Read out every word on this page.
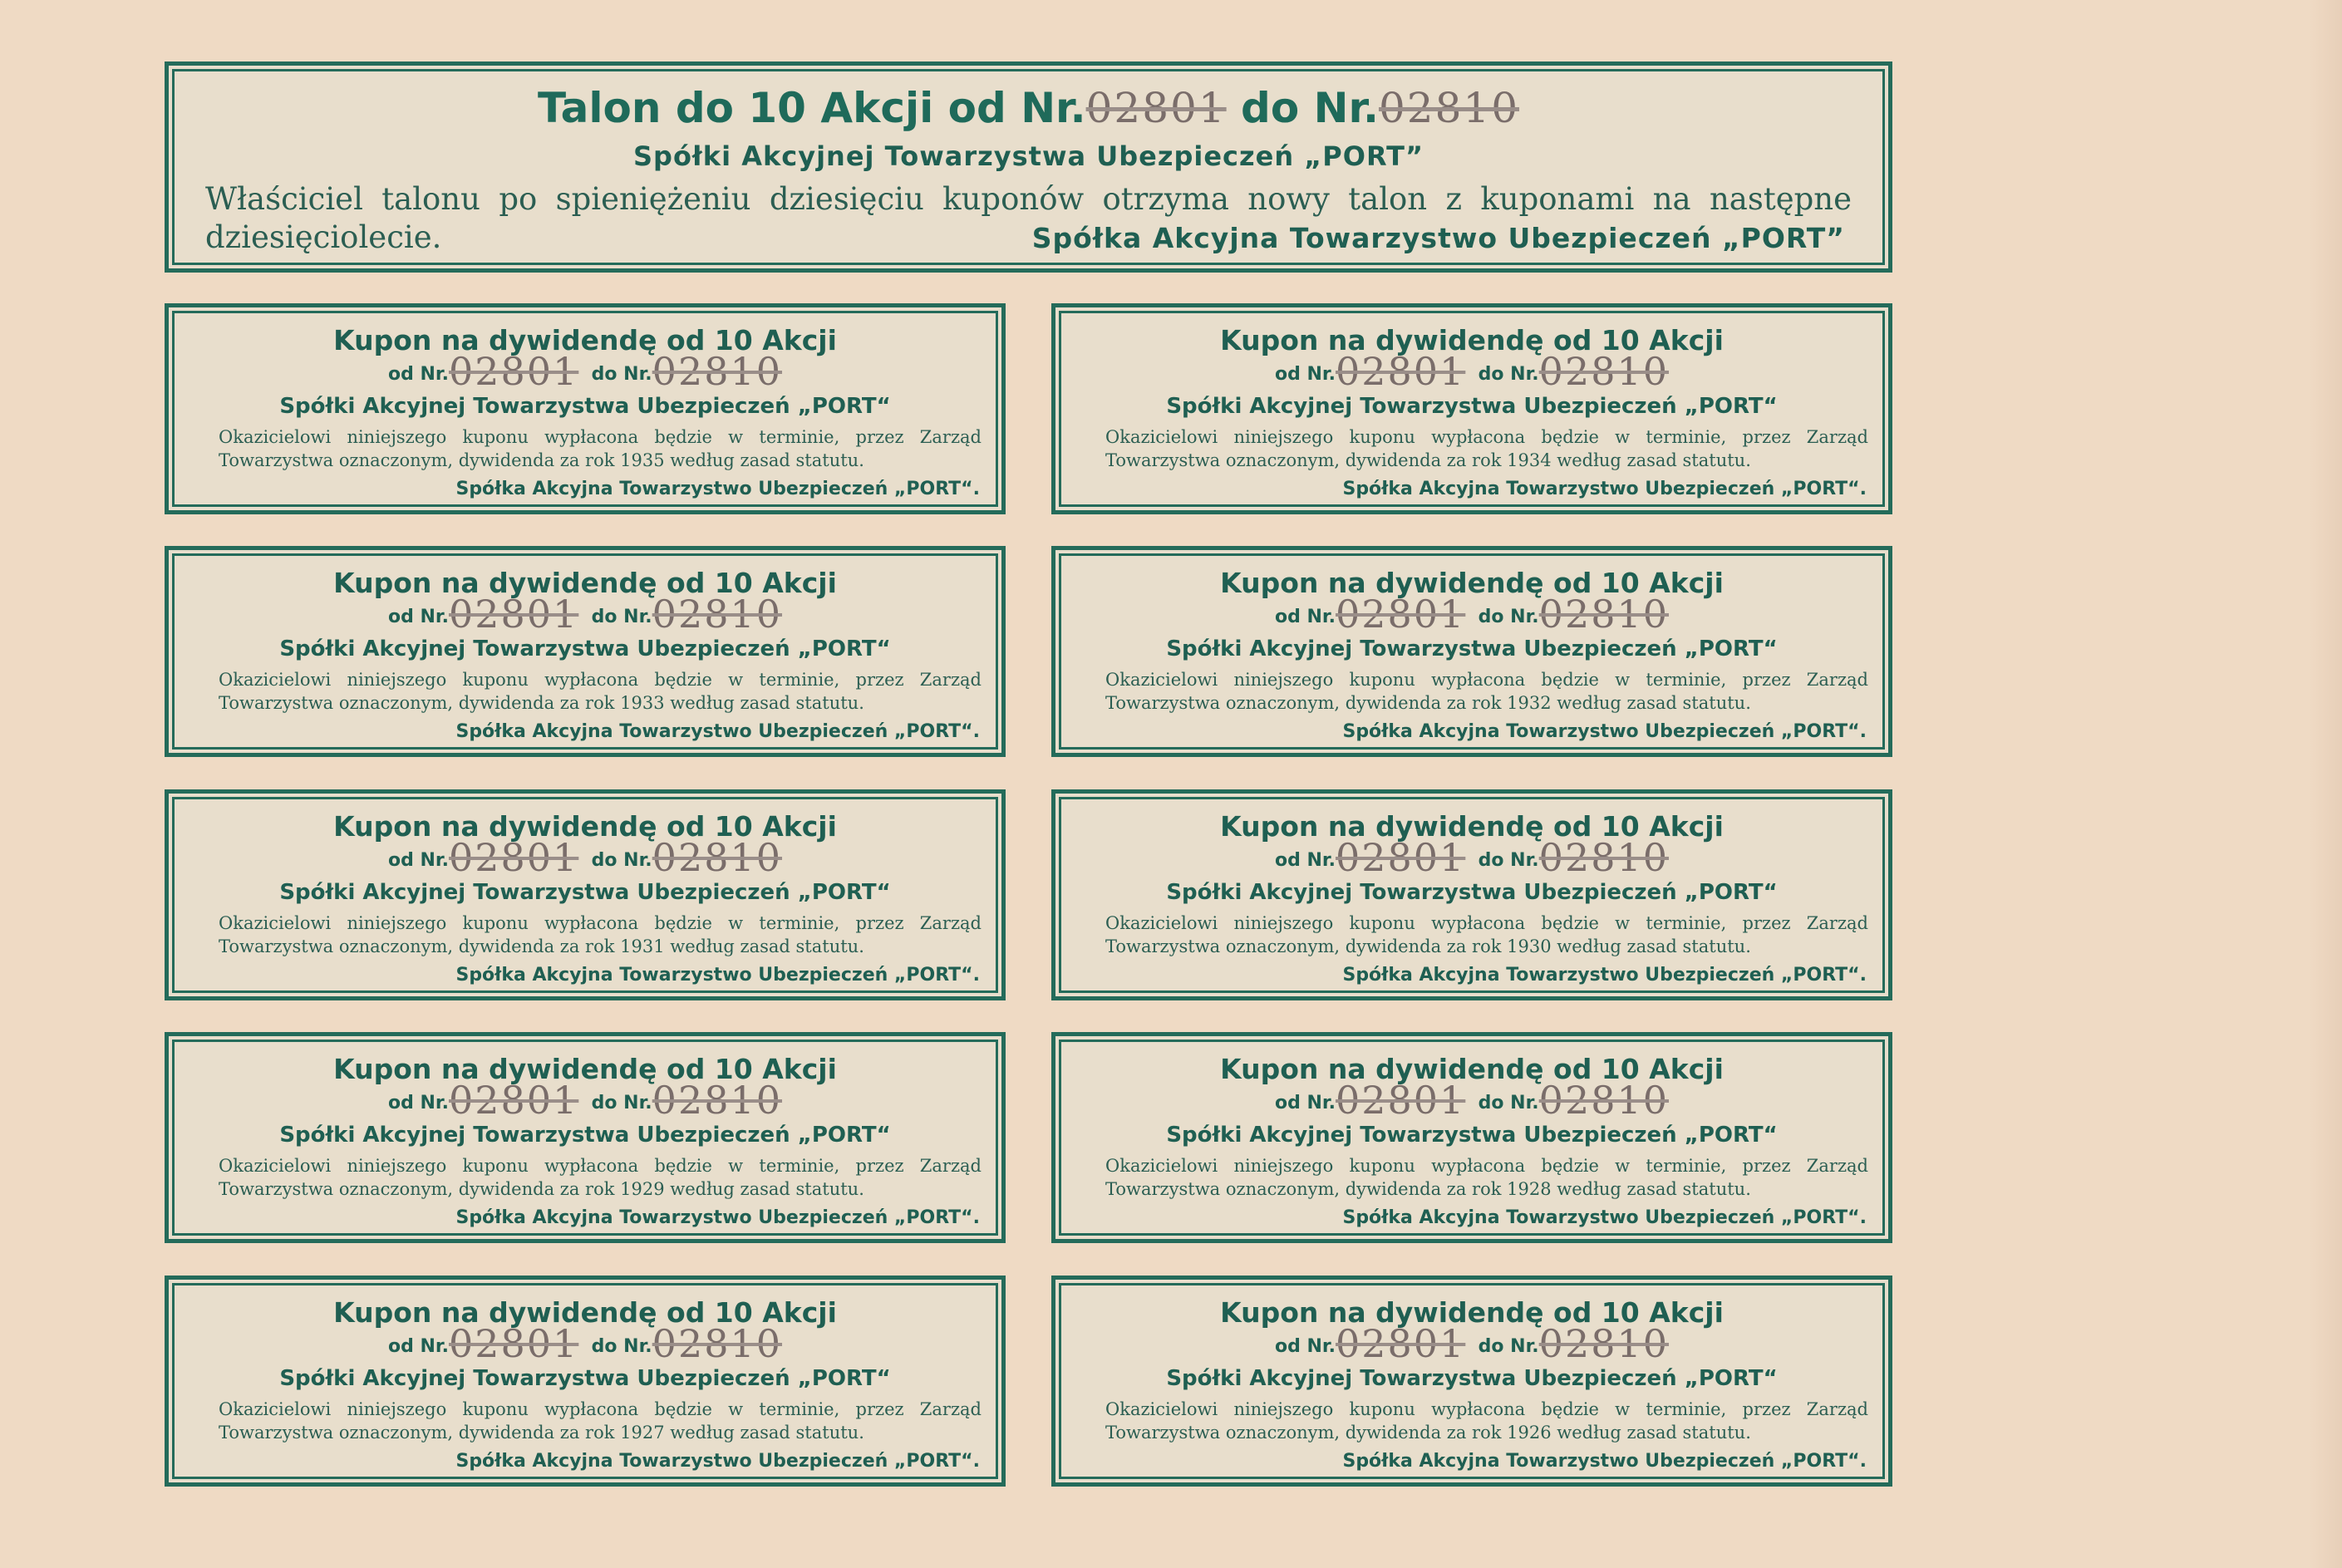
Talon do 10 Akcji od Nr.02801 do Nr.02810
Spółki Akcyjnej Towarzystwa Ubezpieczeń „PORT”
Właściciel talonu po spieniężeniu dziesięciu kuponów otrzyma nowy talon z kuponami na następne dziesięciolecie.	Spółka Akcyjna Towarzystwo Ubezpieczeń „PORT”
Kupon na dywidendę od 10 Akcji
od Nr.02801 do Nr.02810
Spółki Akcyjnej Towarzystwa Ubezpieczeń „PORT“
Okazicielowi niniejszego kuponu wypłacona będzie w terminie, przez Zarząd Towarzystwa oznaczonym, dywidenda za rok 1935 według zasad statutu.
Spółka Akcyjna Towarzystwo Ubezpieczeń „PORT“.
Kupon na dywidendę od 10 Akcji
od Nr.02801 do Nr.02810
Spółki Akcyjnej Towarzystwa Ubezpieczeń „PORT“
Okazicielowi niniejszego kuponu wypłacona będzie w terminie, przez Zarząd Towarzystwa oznaczonym, dywidenda za rok 1934 według zasad statutu.
Spółka Akcyjna Towarzystwo Ubezpieczeń „PORT“.
Kupon na dywidendę od 10 Akcji
od Nr.02801 do Nr.02810
Spółki Akcyjnej Towarzystwa Ubezpieczeń „PORT“
Okazicielowi niniejszego kuponu wypłacona będzie w terminie, przez Zarząd Towarzystwa oznaczonym, dywidenda za rok 1933 według zasad statutu.
Spółka Akcyjna Towarzystwo Ubezpieczeń „PORT“.
Kupon na dywidendę od 10 Akcji
od Nr.02801 do Nr.02810
Spółki Akcyjnej Towarzystwa Ubezpieczeń „PORT“
Okazicielowi niniejszego kuponu wypłacona będzie w terminie, przez Zarząd Towarzystwa oznaczonym, dywidenda za rok 1932 według zasad statutu.
Spółka Akcyjna Towarzystwo Ubezpieczeń „PORT“.
Kupon na dywidendę od 10 Akcji
od Nr.02801 do Nr.02810
Spółki Akcyjnej Towarzystwa Ubezpieczeń „PORT“
Okazicielowi niniejszego kuponu wypłacona będzie w terminie, przez Zarząd Towarzystwa oznaczonym, dywidenda za rok 1931 według zasad statutu.
Spółka Akcyjna Towarzystwo Ubezpieczeń „PORT“.
Kupon na dywidendę od 10 Akcji
od Nr.02801 do Nr.02810
Spółki Akcyjnej Towarzystwa Ubezpieczeń „PORT“
Okazicielowi niniejszego kuponu wypłacona będzie w terminie, przez Zarząd Towarzystwa oznaczonym, dywidenda za rok 1930 według zasad statutu.
Spółka Akcyjna Towarzystwo Ubezpieczeń „PORT“.
Kupon na dywidendę od 10 Akcji
od Nr.02801 do Nr.02810
Spółki Akcyjnej Towarzystwa Ubezpieczeń „PORT“
Okazicielowi niniejszego kuponu wypłacona będzie w terminie, przez Zarząd Towarzystwa oznaczonym, dywidenda za rok 1929 według zasad statutu.
Spółka Akcyjna Towarzystwo Ubezpieczeń „PORT“.
Kupon na dywidendę od 10 Akcji
od Nr.02801 do Nr.02810
Spółki Akcyjnej Towarzystwa Ubezpieczeń „PORT“
Okazicielowi niniejszego kuponu wypłacona będzie w terminie, przez Zarząd Towarzystwa oznaczonym, dywidenda za rok 1928 według zasad statutu.
Spółka Akcyjna Towarzystwo Ubezpieczeń „PORT“.
Kupon na dywidendę od 10 Akcji
od Nr.02801 do Nr.02810
Spółki Akcyjnej Towarzystwa Ubezpieczeń „PORT“
Okazicielowi niniejszego kuponu wypłacona będzie w terminie, przez Zarząd Towarzystwa oznaczonym, dywidenda za rok 1927 według zasad statutu.
Spółka Akcyjna Towarzystwo Ubezpieczeń „PORT“.
Kupon na dywidendę od 10 Akcji
od Nr.02801 do Nr.02810
Spółki Akcyjnej Towarzystwa Ubezpieczeń „PORT“
Okazicielowi niniejszego kuponu wypłacona będzie w terminie, przez Zarząd Towarzystwa oznaczonym, dywidenda za rok 1926 według zasad statutu.
Spółka Akcyjna Towarzystwo Ubezpieczeń „PORT“.
